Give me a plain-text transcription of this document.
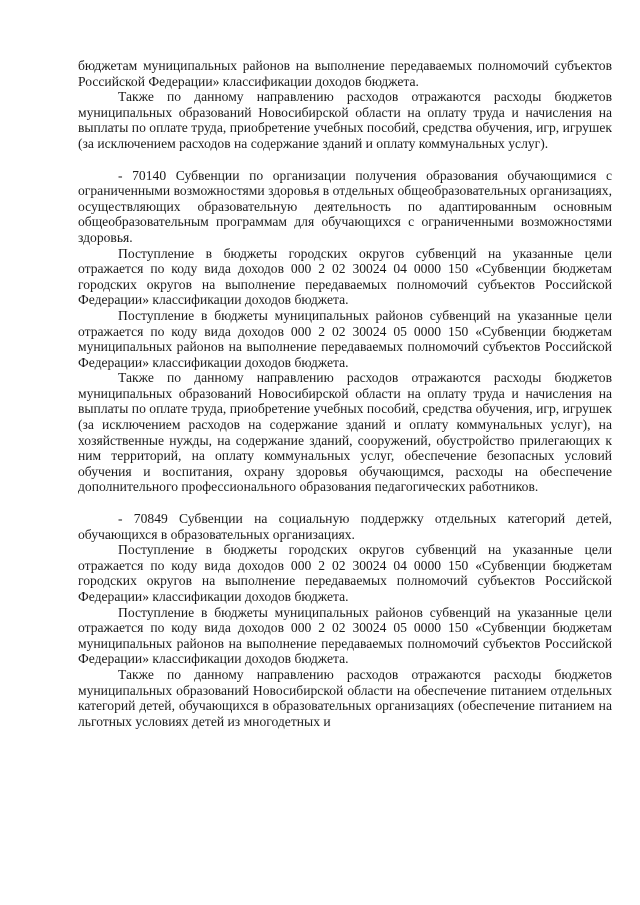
бюджетам муниципальных районов на выполнение передаваемых полномочий субъектов Российской Федерации» классификации доходов бюджета.

Также по данному направлению расходов отражаются расходы бюджетов муниципальных образований Новосибирской области на оплату труда и начисления на выплаты по оплате труда, приобретение учебных пособий, средства обучения, игр, игрушек (за исключением расходов на содержание зданий и оплату коммунальных услуг).

- 70140 Субвенции по организации получения образования обучающимися с ограниченными возможностями здоровья в отдельных общеобразовательных организациях, осуществляющих образовательную деятельность по адаптированным основным общеобразовательным программам для обучающихся с ограниченными возможностями здоровья.

Поступление в бюджеты городских округов субвенций на указанные цели отражается по коду вида доходов 000 2 02 30024 04 0000 150 «Субвенции бюджетам городских округов на выполнение передаваемых полномочий субъектов Российской Федерации» классификации доходов бюджета.

Поступление в бюджеты муниципальных районов субвенций на указанные цели отражается по коду вида доходов 000 2 02 30024 05 0000 150 «Субвенции бюджетам муниципальных районов на выполнение передаваемых полномочий субъектов Российской Федерации» классификации доходов бюджета.

Также по данному направлению расходов отражаются расходы бюджетов муниципальных образований Новосибирской области на оплату труда и начисления на выплаты по оплате труда, приобретение учебных пособий, средства обучения, игр, игрушек (за исключением расходов на содержание зданий и оплату коммунальных услуг), на хозяйственные нужды, на содержание зданий, сооружений, обустройство прилегающих к ним территорий, на оплату коммунальных услуг, обеспечение безопасных условий обучения и воспитания, охрану здоровья обучающимся, расходы на обеспечение дополнительного профессионального образования педагогических работников.

- 70849 Субвенции на социальную поддержку отдельных категорий детей, обучающихся в образовательных организациях.

Поступление в бюджеты городских округов субвенций на указанные цели отражается по коду вида доходов 000 2 02 30024 04 0000 150 «Субвенции бюджетам городских округов на выполнение передаваемых полномочий субъектов Российской Федерации» классификации доходов бюджета.

Поступление в бюджеты муниципальных районов субвенций на указанные цели отражается по коду вида доходов 000 2 02 30024 05 0000 150 «Субвенции бюджетам муниципальных районов на выполнение передаваемых полномочий субъектов Российской Федерации» классификации доходов бюджета.

Также по данному направлению расходов отражаются расходы бюджетов муниципальных образований Новосибирской области на обеспечение питанием отдельных категорий детей, обучающихся в образовательных организациях (обеспечение питанием на льготных условиях детей из многодетных и
